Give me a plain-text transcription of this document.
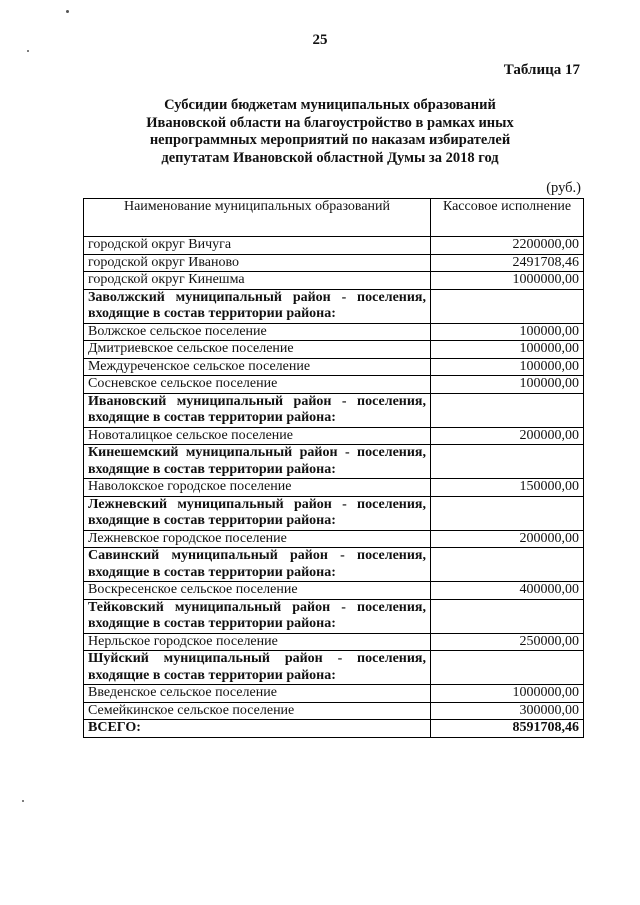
25
Таблица 17
Субсидии бюджетам муниципальных образований
Ивановской области на благоустройство в рамках иных
непрограммных мероприятий по наказам избирателей
депутатам Ивановской областной Думы за 2018 год
(руб.)
Наименование муниципальных образований	Кассовое исполнение
городской округ Вичуга	2200000,00
городской округ Иваново	2491708,46
городской округ Кинешма	1000000,00
Заволжский муниципальный район - поселения, входящие в состав территории района:	
Волжское сельское поселение	100000,00
Дмитриевское сельское поселение	100000,00
Междуреченское сельское поселение	100000,00
Сосневское сельское поселение	100000,00
Ивановский муниципальный район - поселения, входящие в состав территории района:	
Новоталицкое сельское поселение	200000,00
Кинешемский муниципальный район - поселения, входящие в состав территории района:	
Наволокское городское поселение	150000,00
Лежневский муниципальный район - поселения, входящие в состав территории района:	
Лежневское городское поселение	200000,00
Савинский муниципальный район - поселения, входящие в состав территории района:	
Воскресенское сельское поселение	400000,00
Тейковский муниципальный район - поселения, входящие в состав территории района:	
Нерльское городское поселение	250000,00
Шуйский муниципальный район - поселения, входящие в состав территории района:	
Введенское сельское поселение	1000000,00
Семейкинское сельское поселение	300000,00
ВСЕГО:	8591708,46
